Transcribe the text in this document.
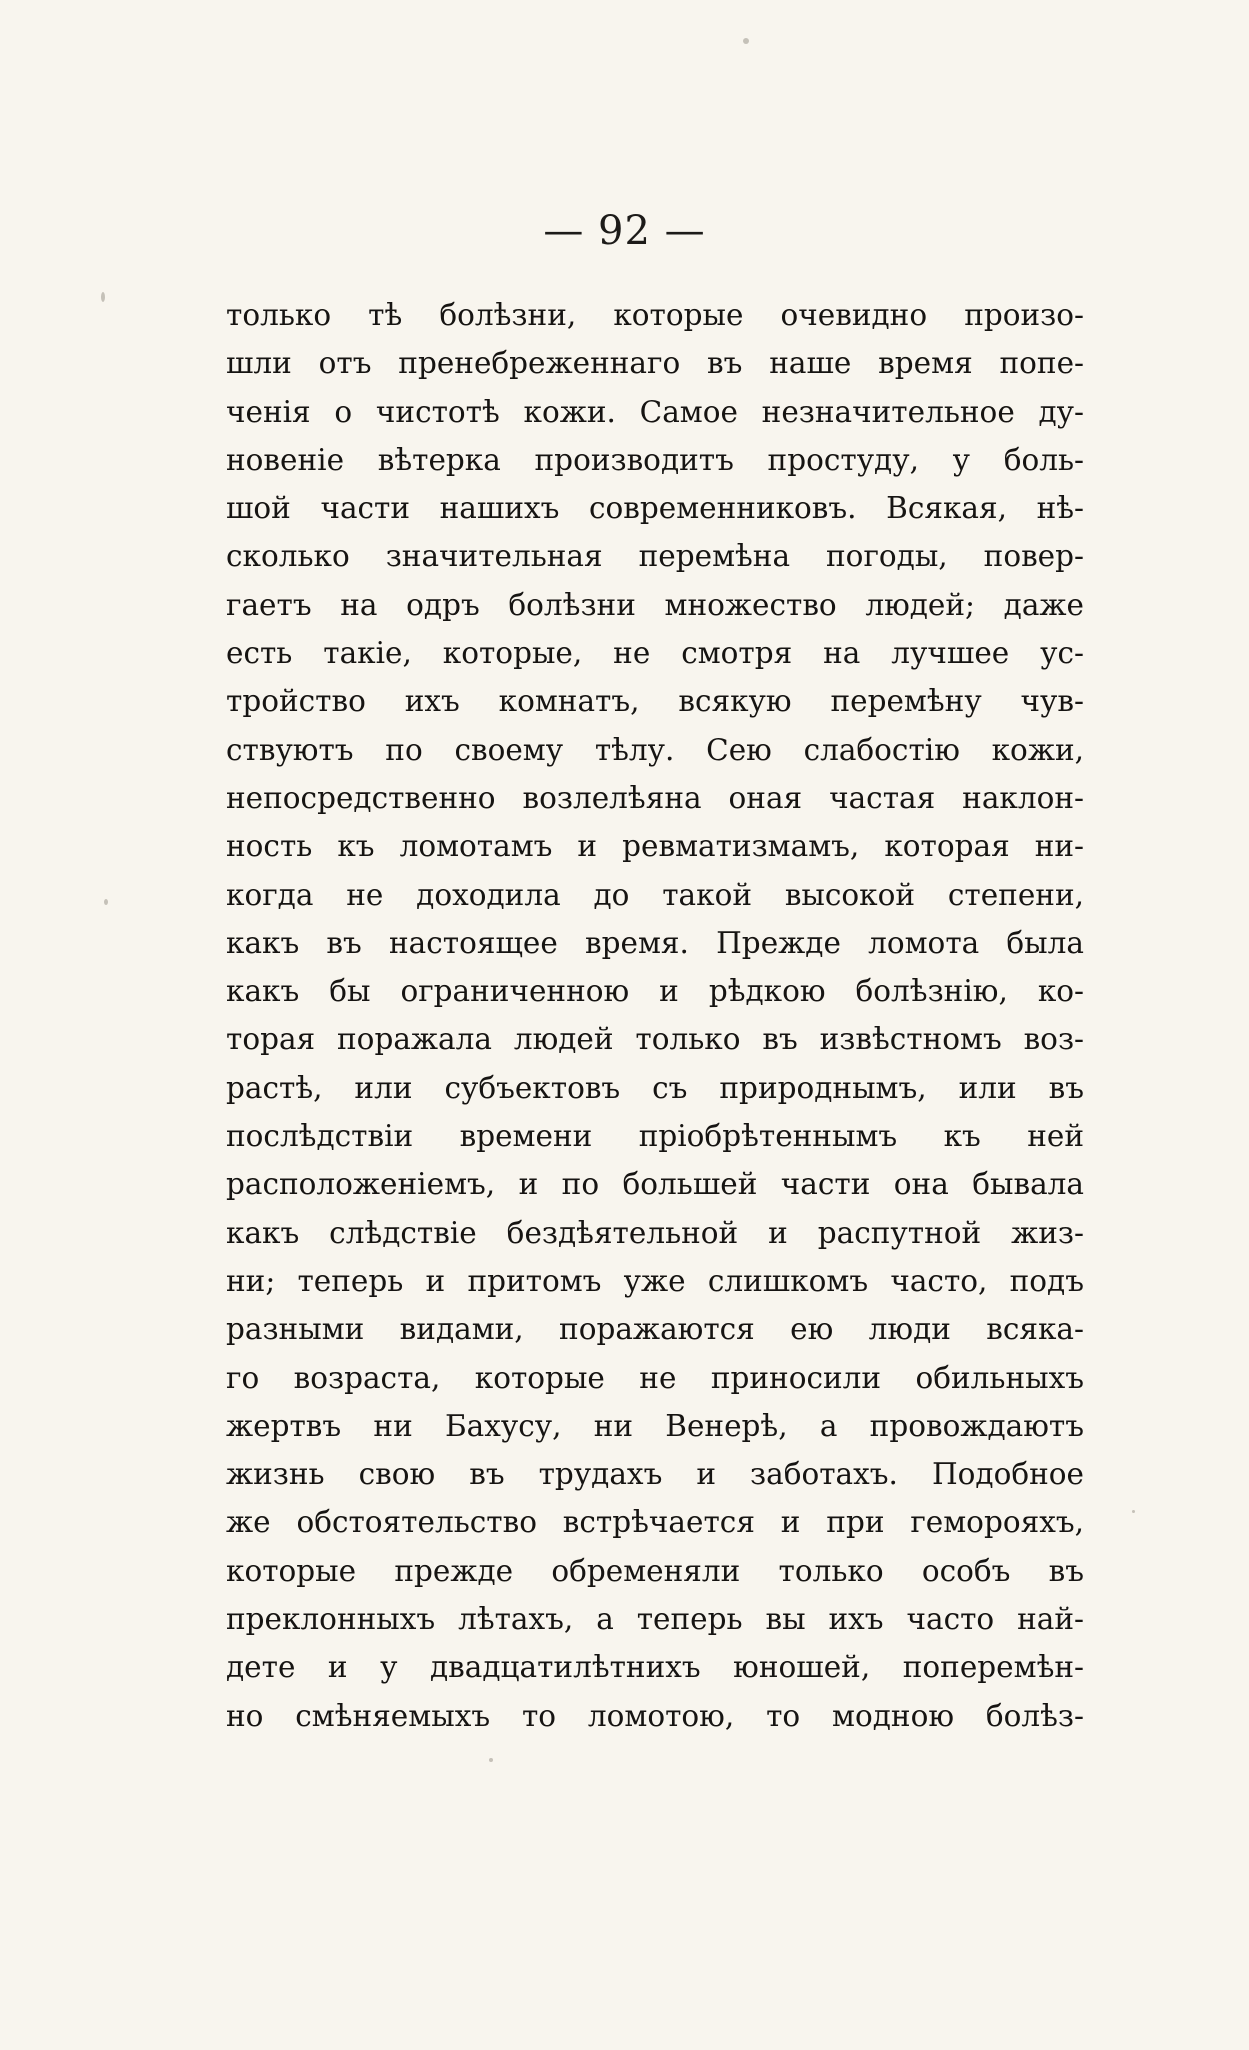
— 92 —
только тѣ болѣзни, которые очевидно произо-
шли отъ пренебреженнаго въ наше время попе-
ченія о чистотѣ кожи. Самое незначительное ду-
новеніе вѣтерка производитъ простуду, у боль-
шой части нашихъ современниковъ. Всякая, нѣ-
сколько значительная перемѣна погоды, повер-
гаетъ на одръ болѣзни множество людей; даже
есть такіе, которые, не смотря на лучшее ус-
тройство ихъ комнатъ, всякую перемѣну чув-
ствуютъ по своему тѣлу. Сею слабостію кожи,
непосредственно возлелѣяна оная частая наклон-
ность къ ломотамъ и ревматизмамъ, которая ни-
когда не доходила до такой высокой степени,
какъ въ настоящее время. Прежде ломота была
какъ бы ограниченною и рѣдкою болѣзнію, ко-
торая поражала людей только въ извѣстномъ воз-
растѣ, или субъектовъ съ природнымъ, или въ
послѣдствіи времени пріобрѣтеннымъ къ ней
расположеніемъ, и по большей части она бывала
какъ слѣдствіе бездѣятельной и распутной жиз-
ни; теперь и притомъ уже слишкомъ часто, подъ
разными видами, поражаются ею люди всяка-
го возраста, которые не приносили обильныхъ
жертвъ ни Бахусу, ни Венерѣ, а провождаютъ
жизнь свою въ трудахъ и заботахъ. Подобное
же обстоятельство встрѣчается и при геморояхъ,
которые прежде обременяли только особъ въ
преклонныхъ лѣтахъ, а теперь вы ихъ часто най-
дете и у двадцатилѣтнихъ юношей, поперемѣн-
но смѣняемыхъ то ломотою, то модною болѣз-
